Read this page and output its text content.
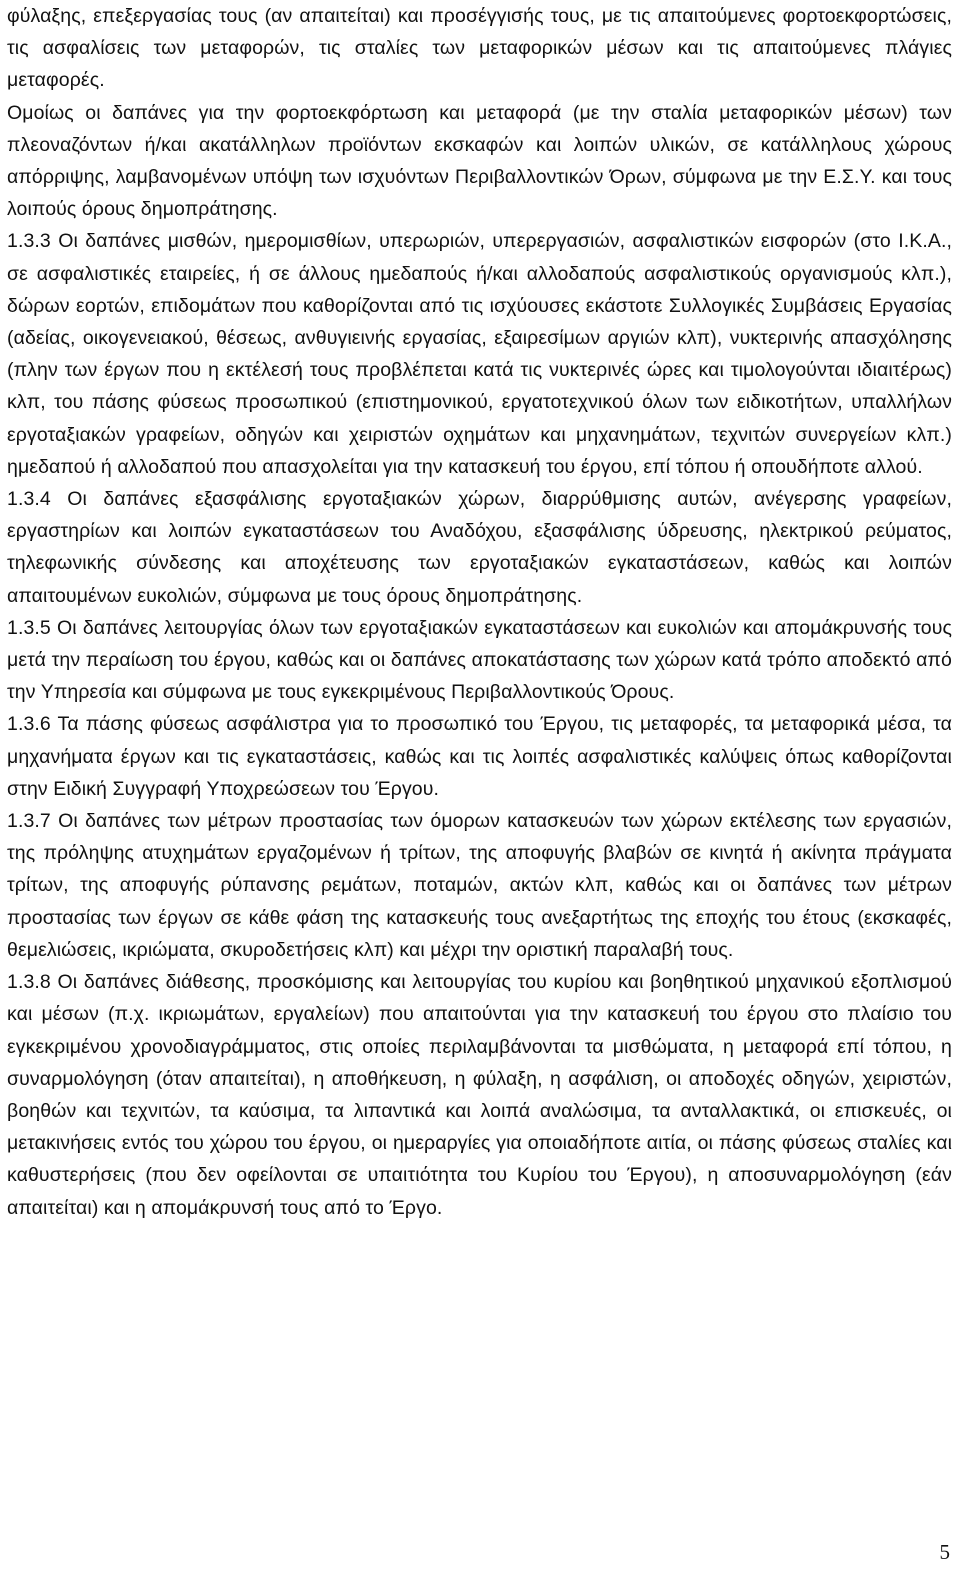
φύλαξης, επεξεργασίας τους (αν απαιτείται) και προσέγγισής τους, με τις απαιτούμενες φορτοεκφορτώσεις, τις ασφαλίσεις των μεταφορών, τις σταλίες των μεταφορικών μέσων και τις απαιτούμενες πλάγιες μεταφορές.

Ομοίως οι δαπάνες για την φορτοεκφόρτωση και μεταφορά (με την σταλία μεταφορικών μέσων) των πλεοναζόντων ή/και ακατάλληλων προϊόντων εκσκαφών και λοιπών υλικών, σε κατάλληλους χώρους απόρριψης, λαμβανομένων υπόψη των ισχυόντων Περιβαλλοντικών Όρων, σύμφωνα με την Ε.Σ.Υ. και τους λοιπούς όρους δημοπράτησης.

1.3.3 Οι δαπάνες μισθών, ημερομισθίων, υπερωριών, υπερεργασιών, ασφαλιστικών εισφορών (στο Ι.Κ.Α., σε ασφαλιστικές εταιρείες, ή σε άλλους ημεδαπούς ή/και αλλοδαπούς ασφαλιστικούς οργανισμούς κλπ.), δώρων εορτών, επιδομάτων που καθορίζονται από τις ισχύουσες εκάστοτε Συλλογικές Συμβάσεις Εργασίας (αδείας, οικογενειακού, θέσεως, ανθυγιεινής εργασίας, εξαιρεσίμων αργιών κλπ), νυκτερινής απασχόλησης (πλην των έργων που η εκτέλεσή τους προβλέπεται κατά τις νυκτερινές ώρες και τιμολογούνται ιδιαιτέρως) κλπ, του πάσης φύσεως προσωπικού (επιστημονικού, εργατοτεχνικού όλων των ειδικοτήτων, υπαλλήλων εργοταξιακών γραφείων, οδηγών και χειριστών οχημάτων και μηχανημάτων, τεχνιτών συνεργείων κλπ.) ημεδαπού ή αλλοδαπού που απασχολείται για την κατασκευή του έργου, επί τόπου ή οπουδήποτε αλλού.

1.3.4 Οι δαπάνες εξασφάλισης εργοταξιακών χώρων, διαρρύθμισης αυτών, ανέγερσης γραφείων, εργαστηρίων και λοιπών εγκαταστάσεων του Αναδόχου, εξασφάλισης ύδρευσης, ηλεκτρικού ρεύματος, τηλεφωνικής σύνδεσης και αποχέτευσης των εργοταξιακών εγκαταστάσεων, καθώς και λοιπών απαιτουμένων ευκολιών, σύμφωνα με τους όρους δημοπράτησης.

1.3.5 Οι δαπάνες λειτουργίας όλων των εργοταξιακών εγκαταστάσεων και ευκολιών και απομάκρυνσής τους μετά την περαίωση του έργου, καθώς και οι δαπάνες αποκατάστασης των χώρων κατά τρόπο αποδεκτό από την Υπηρεσία και σύμφωνα με τους εγκεκριμένους Περιβαλλοντικούς Όρους.

1.3.6 Τα πάσης φύσεως ασφάλιστρα για το προσωπικό του Έργου, τις μεταφορές, τα μεταφορικά μέσα, τα μηχανήματα έργων και τις εγκαταστάσεις, καθώς και τις λοιπές ασφαλιστικές καλύψεις όπως καθορίζονται στην Ειδική Συγγραφή Υποχρεώσεων του Έργου.

1.3.7 Οι δαπάνες των μέτρων προστασίας των όμορων κατασκευών των χώρων εκτέλεσης των εργασιών, της πρόληψης ατυχημάτων εργαζομένων ή τρίτων, της αποφυγής βλαβών σε κινητά ή ακίνητα πράγματα τρίτων, της αποφυγής ρύπανσης ρεμάτων, ποταμών, ακτών κλπ, καθώς και οι δαπάνες των μέτρων προστασίας των έργων σε κάθε φάση της κατασκευής τους ανεξαρτήτως της εποχής του έτους (εκσκαφές, θεμελιώσεις, ικριώματα, σκυροδετήσεις κλπ) και μέχρι την οριστική παραλαβή τους.

1.3.8 Οι δαπάνες διάθεσης, προσκόμισης και λειτουργίας του κυρίου και βοηθητικού μηχανικού εξοπλισμού και μέσων (π.χ. ικριωμάτων, εργαλείων) που απαιτούνται για την κατασκευή του έργου στο πλαίσιο του εγκεκριμένου χρονοδιαγράμματος, στις οποίες περιλαμβάνονται τα μισθώματα, η μεταφορά επί τόπου, η συναρμολόγηση (όταν απαιτείται), η αποθήκευση, η φύλαξη, η ασφάλιση, οι αποδοχές οδηγών, χειριστών, βοηθών και τεχνιτών, τα καύσιμα, τα λιπαντικά και λοιπά αναλώσιμα, τα ανταλλακτικά, οι επισκευές, οι μετακινήσεις εντός του χώρου του έργου, οι ημεραργίες για οποιαδήποτε αιτία, οι πάσης φύσεως σταλίες και καθυστερήσεις (που δεν οφείλονται σε υπαιτιότητα του Κυρίου του Έργου), η αποσυναρμολόγηση (εάν απαιτείται) και η απομάκρυνσή τους από το Έργο.

5
